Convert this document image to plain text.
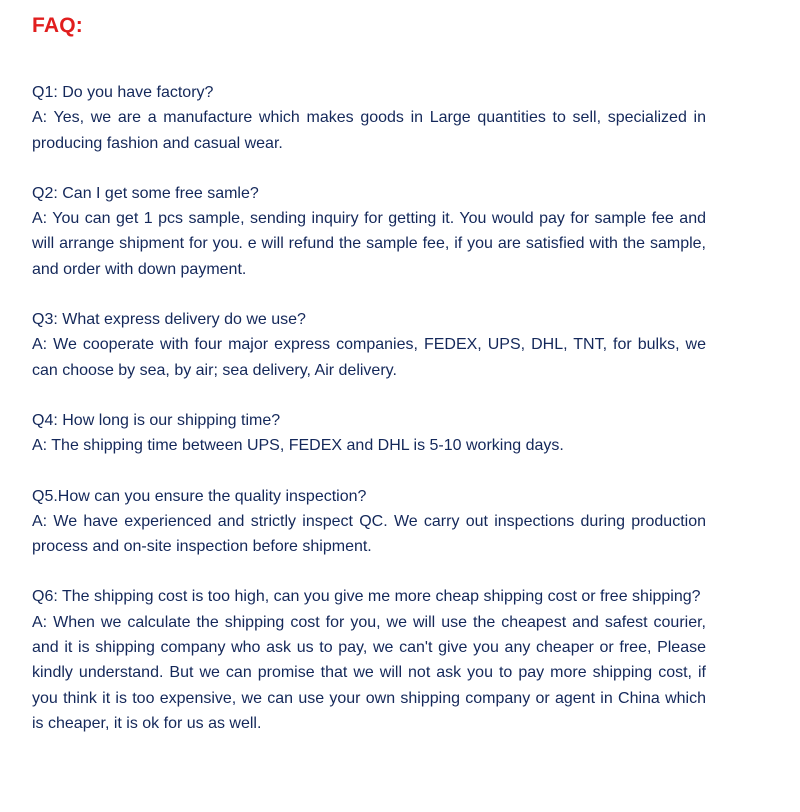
FAQ:

Q1: Do you have factory?

A: Yes, we are a manufacture which makes goods in Large quantities to sell, specialized in producing fashion and casual wear.

Q2: Can I get some free samle?

A: You can get 1 pcs sample, sending inquiry for getting it. You would pay for sample fee and will arrange shipment for you. e will refund the sample fee, if you are satisfied with the sample, and order with down payment.

Q3: What express delivery do we use?

A: We cooperate with four major express companies, FEDEX, UPS, DHL, TNT, for bulks, we can choose by sea, by air; sea delivery, Air delivery.

Q4: How long is our shipping time?

A: The shipping time between UPS, FEDEX and DHL is 5-10 working days.

Q5.How can you ensure the quality inspection?

A: We have experienced and strictly inspect QC. We carry out inspections during production process and on-site inspection before shipment.

Q6: The shipping cost is too high, can you give me more cheap shipping cost or free shipping?

A: When we calculate the shipping cost for you, we will use the cheapest and safest courier, and it is shipping company who ask us to pay, we can't give you any cheaper or free, Please kindly understand. But we can promise that we will not ask you to pay more shipping cost, if you think it is too expensive, we can use your own shipping company or agent in China which is cheaper, it is ok for us as well.
